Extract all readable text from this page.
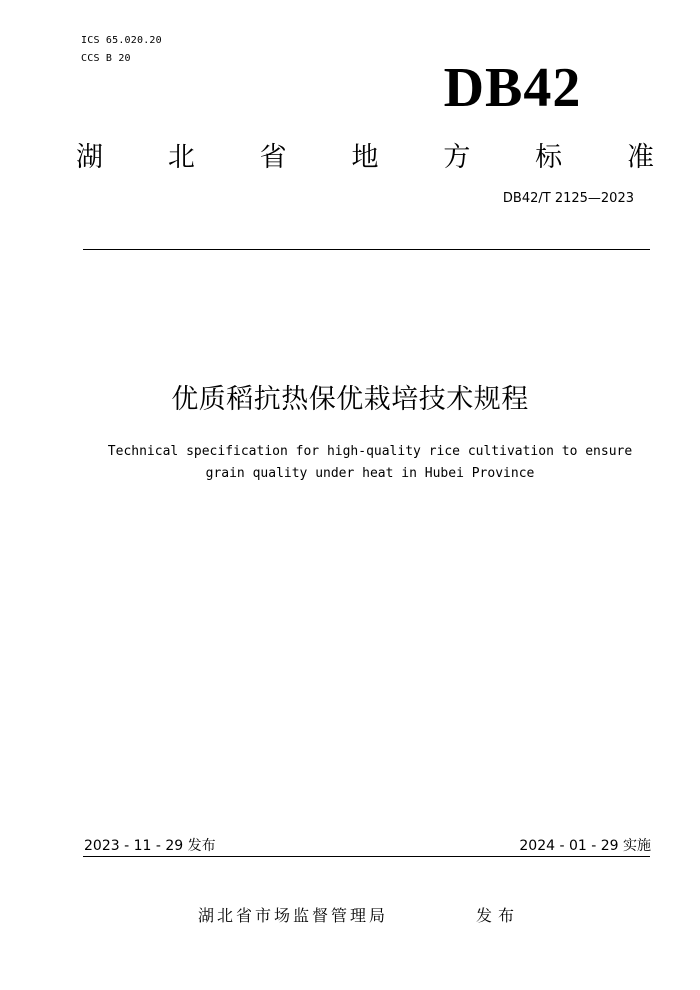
ICS 65.020.20
CCS B 20	DB42
湖 北 省 地 方 标 准
DB42/T 2125—2023
优质稻抗热保优栽培技术规程
Technical specification for high-quality rice cultivation to ensure
grain quality under heat in Hubei Province
2023 - 11 - 29 发布	2024 - 01 - 29 实施
湖北省市场监督管理局	发布
